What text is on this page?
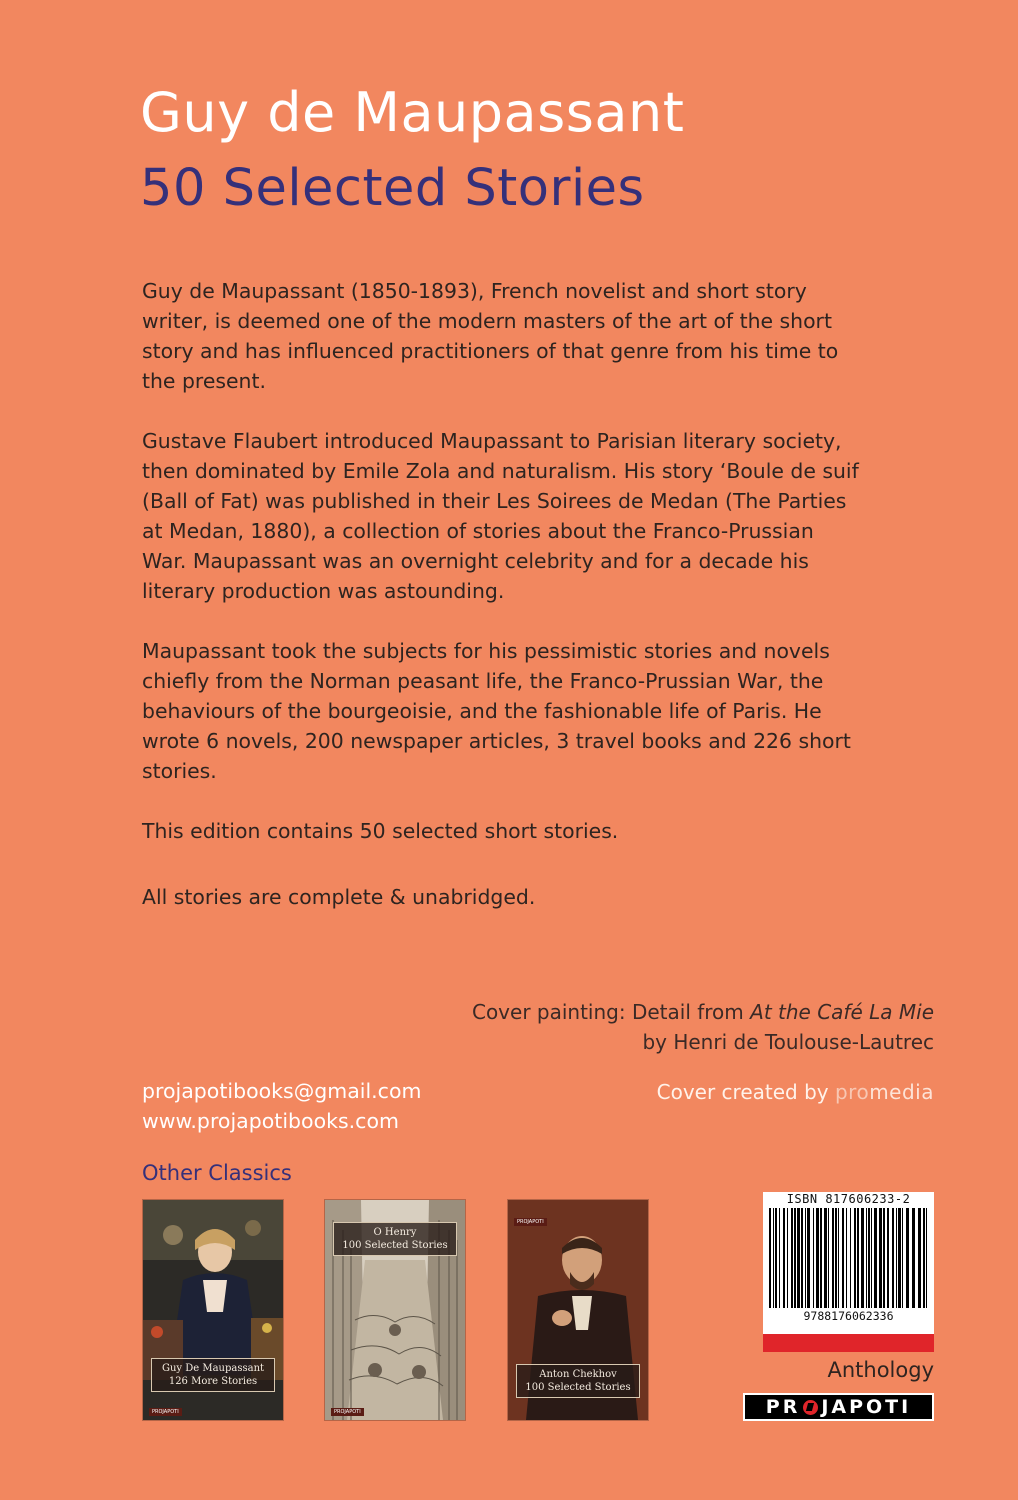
Guy de Maupassant
50 Selected Stories

Guy de Maupassant (1850-1893), French novelist and short story writer, is deemed one of the modern masters of the art of the short story and has influenced practitioners of that genre from his time to the present.

Gustave Flaubert introduced Maupassant to Parisian literary society, then dominated by Emile Zola and naturalism. His story ‘Boule de suif (Ball of Fat) was published in their Les Soirees de Medan (The Parties at Medan, 1880), a collection of stories about the Franco-Prussian War. Maupassant was an overnight celebrity and for a decade his literary production was astounding.

Maupassant took the subjects for his pessimistic stories and novels chiefly from the Norman peasant life, the Franco-Prussian War, the behaviours of the bourgeoisie, and the fashionable life of Paris. He wrote 6 novels, 200 newspaper articles, 3 travel books and 226 short stories.

This edition contains 50 selected short stories.

All stories are complete & unabridged.

Cover painting: Detail from At the Café La Mie
by Henri de Toulouse-Lautrec
Cover created by promedia
projapotibooks@gmail.com
www.projapotibooks.com
Other Classics
Guy De Maupassant
126 More Stories
PROJAPOTI
O Henry
100 Selected Stories
PROJAPOTI
PROJAPOTI
Anton Chekhov
100 Selected Stories
ISBN 817606233-2
9788176062336
Anthology
PR JAPOTI
